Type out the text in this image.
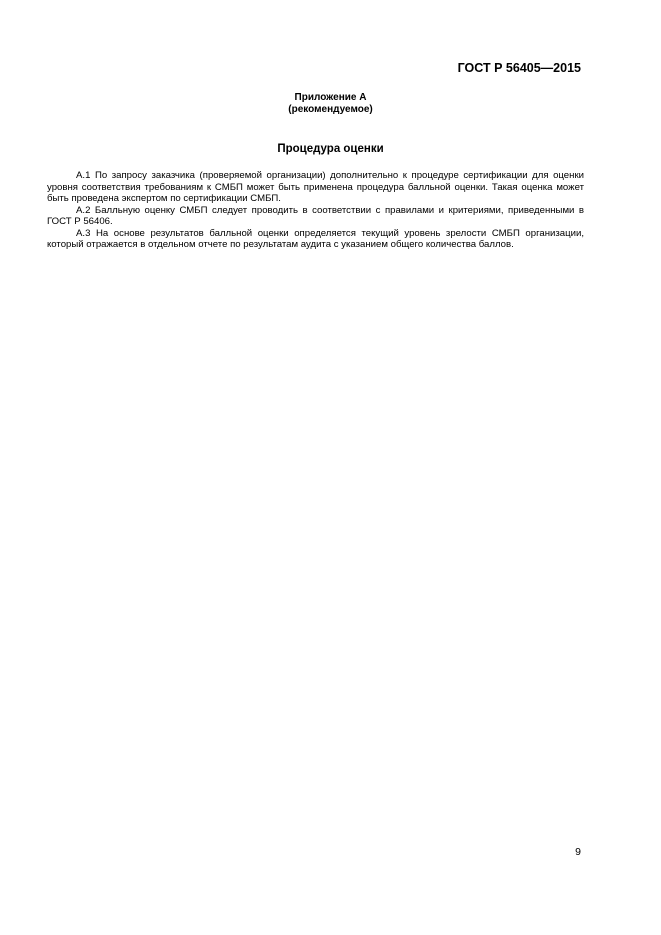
ГОСТ Р 56405—2015
Приложение А
(рекомендуемое)
Процедура оценки

А.1 По запросу заказчика (проверяемой организации) дополнительно к процедуре сертификации для оценки уровня соответствия требованиям к СМБП может быть применена процедура балльной оценки. Такая оценка может быть проведена экспертом по сертификации СМБП.

А.2 Балльную оценку СМБП следует проводить в соответствии с правилами и критериями, приведенными в ГОСТ Р 56406.

А.3 На основе результатов балльной оценки определяется текущий уровень зрелости СМБП организации, который отражается в отдельном отчете по результатам аудита с указанием общего количества баллов.

9
